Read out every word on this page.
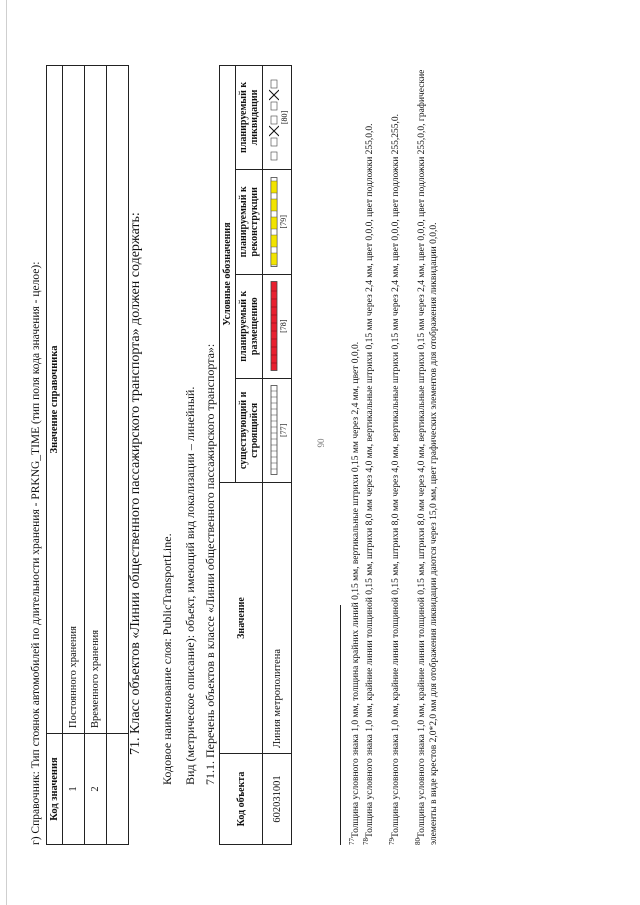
90
г) Справочник: Тип стоянок автомобилей по длительности хранения - PRKNG_TIME (тип поля кода значения - целое): Код значения	Значение справочника
1	Постоянного хранения
2	Временного хранения
	71. Класс объектов «Линии общественного пассажирского транспорта» должен содержать: Кодовое наименование слоя: PublicTransportLine. Вид (метрическое описание): объект, имеющий вид локализации – линейный. 71.1. Перечень объектов в классе «Линии общественного пассажирского транспорта»:
Код объекта	Значение	Условные обозначения			
		существующий и строящийся	планируемый к размещению	планируемый к реконструкции	планируемый к ликвидации
602031001	Линия метрополитена	[77]	[78]	[79]	[80]
$^{77}$Толщина условного знака 1,0 мм, толщина крайних линий 0,15 мм, вертикальные штрихи 0,15 мм через 2,4 мм, цвет 0,0,0.
$^{78}$Толщина условного знака 1,0 мм, крайние линии толщиной 0,15 мм, штрихи 8,0 мм через 4,0 мм, вертикальные штрихи 0,15 мм через 2,4 мм, цвет 0,0,0, цвет подложки 255,0,0.
$^{79}$Толщина условного знака 1,0 мм, крайние линии толщиной 0,15 мм, штрихи 8,0 мм через 4,0 мм, вертикальные штрихи 0,15 мм через 2,4 мм, цвет 0,0,0, цвет подложки 255,255,0.
$^{80}$Толщина условного знака 1,0 мм, крайние линии толщиной 0,15 мм, штрихи 8,0 мм через 4,0 мм, вертикальные штрихи 0,15 мм через 2,4 мм, цвет 0,0,0, цвет подложки 255,0,0, графические элементы в виде крестов 2,0*2,0 мм для отображения ликвидации даются через 15,0 мм, цвет графических элементов для отображения ликвидации 0,0,0.
